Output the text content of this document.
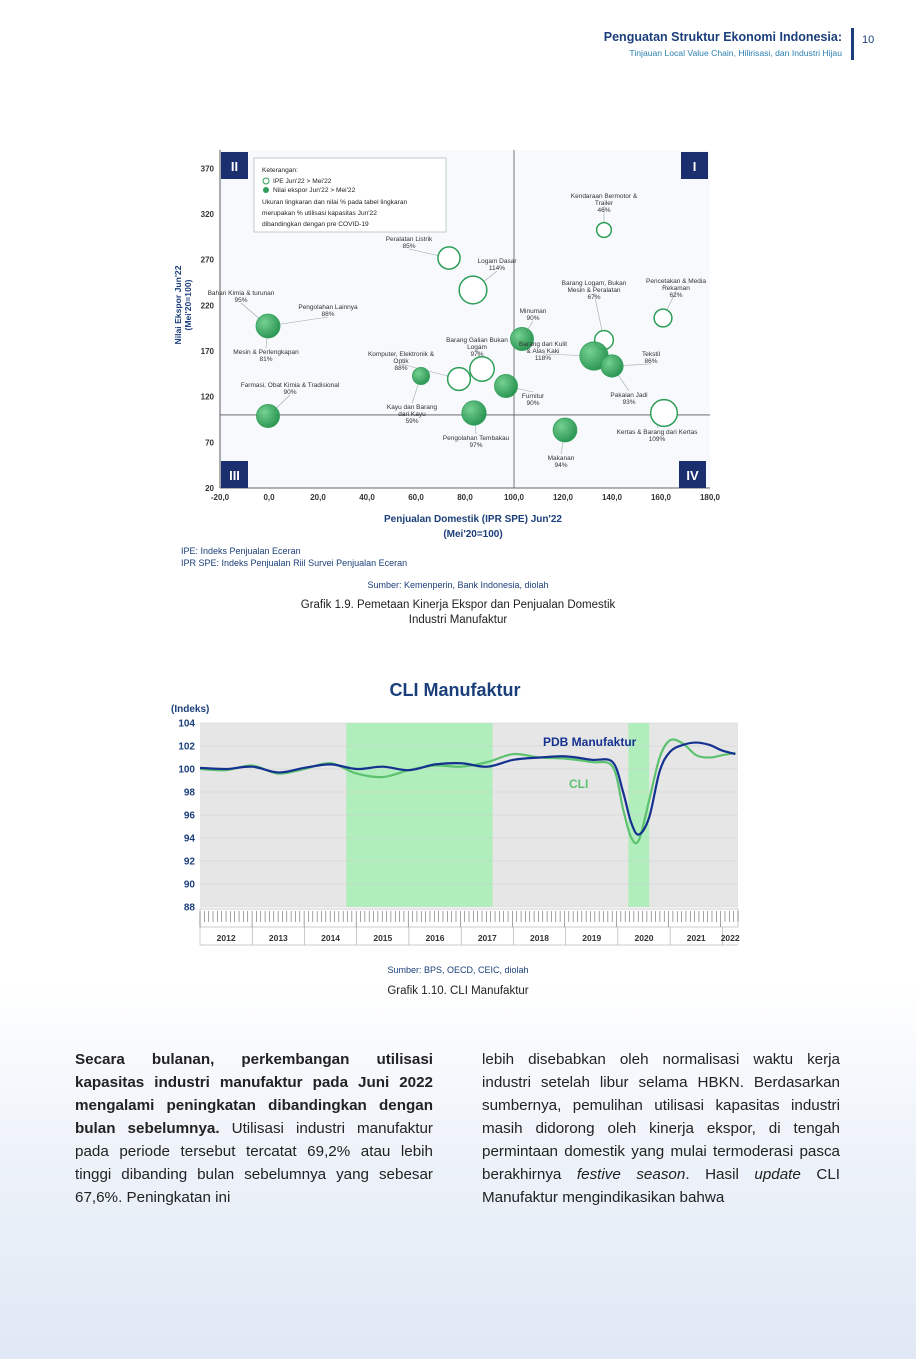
Penguatan Struktur Ekonomi Indonesia:
Tinjauan Local Value Chain, Hilirisasi, dan Industri Hijau
10
-20,0	0,0	20,0	40,0	60,0	80,0	100,0	120,0	140,0	160,0	180,0
20
70
120
170
220
270
320
370
Kendaraan Bermotor &
Trailer
46%
Peralatan Listrik
85%
Logam Dasar
114%
Barang Logam, Bukan
Mesin & Peralatan
67%
Pencetakan & Media
Rekaman
62%
Bahan Kimia & turunan
95%
Pengolahan Lainnya
88%	Minuman
90%
Barang Galian Bukan
Logam
97%
Komputer, Elektronik &
Optik
88%
Mesin & Perlengkapan
81%
Barang dari Kulit
& Alas Kaki
118%
Tekstil
86%
Farmasi, Obat Kimia & Tradisional
90%
Kayu dan Barang
dari Kayu
59%
Furnitur
90%
Pakaian Jadi
93%
Pengolahan Tembakau
97%
Makanan
94%
Kertas & Barang dari Kertas
109%
II	I
III	IV
Keterangan:
IPE Jun'22 > Mei'22
Nilai ekspor Jun'22 > Mei'22
Ukuran lingkaran dan nilai % pada tabel lingkaran
merupakan % utilisasi kapasitas Jun'22
dibandingkan dengan pre COVID-19
Nilai Ekspor Jun'22 (Mei'20=100)
Penjualan Domestik (IPR SPE) Jun'22
(Mei'20=100)
IPE: Indeks Penjualan Eceran
IPR SPE: Indeks Penjualan Riil Survei Penjualan Eceran
Sumber: Kemenperin, Bank Indonesia, diolah
Grafik 1.9. Pemetaan Kinerja Ekspor dan Penjualan Domestik
Industri Manufaktur
CLI Manufaktur
(Indeks)
104
102
100
98
96
94
92
90
88
PDB Manufaktur
CLI
2012	2013	2014	2015	2016	2017	2018	2019	2020	2021 2022
Sumber: BPS, OECD, CEIC, diolah
Grafik 1.10. CLI Manufaktur
Secara bulanan, perkembangan utilisasi kapasitas industri manufaktur pada Juni 2022 mengalami peningkatan dibandingkan dengan bulan sebelumnya. Utilisasi industri manufaktur pada periode tersebut tercatat 69,2% atau lebih tinggi dibanding bulan sebelumnya yang sebesar 67,6%. Peningkatan ini
lebih disebabkan oleh normalisasi waktu kerja industri setelah libur selama HBKN. Berdasarkan sumbernya, pemulihan utilisasi kapasitas industri masih didorong oleh kinerja ekspor, di tengah permintaan domestik yang mulai termoderasi pasca berakhirnya festive season. Hasil update CLI Manufaktur mengindikasikan bahwa
